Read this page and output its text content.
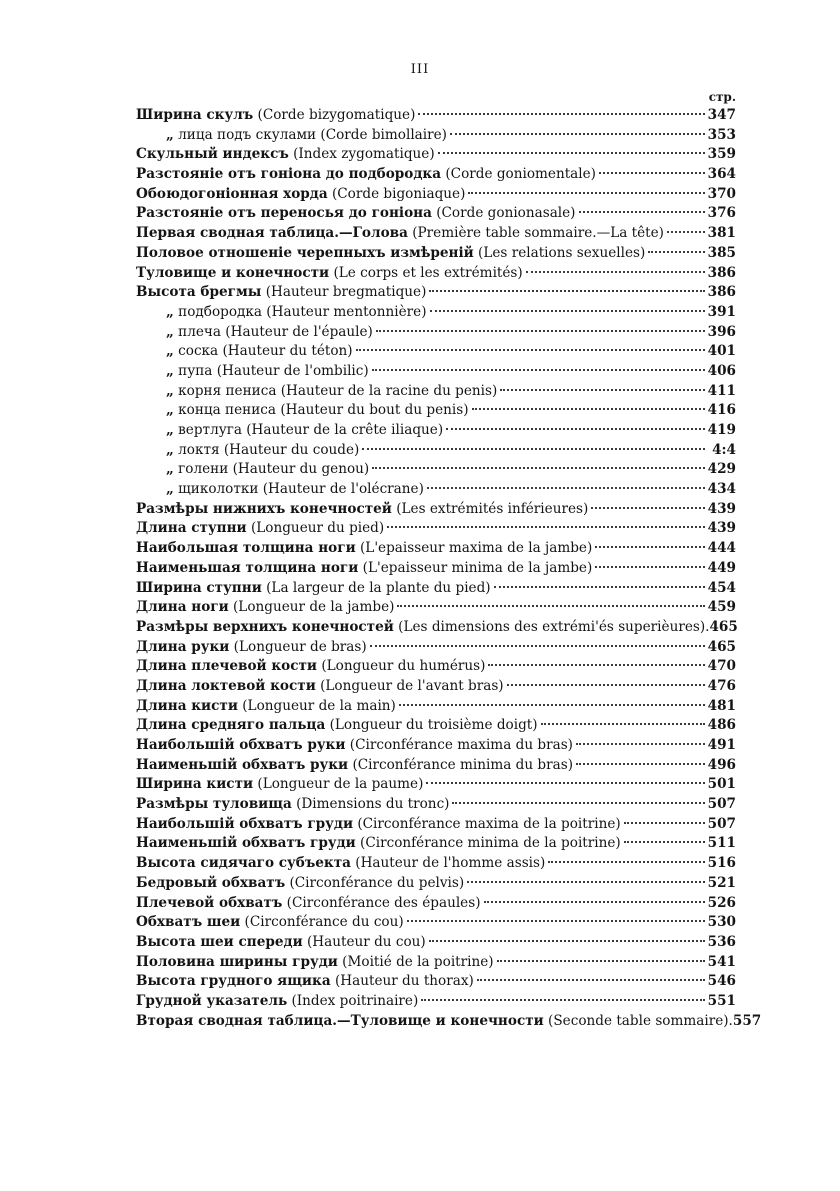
III
стр.
Ширина скулъ (Corde bizygomatique)	347
„ лица подъ скулами (Corde bimollaire)	353
Скульный индексъ (Index zygomatique)	359
Разстояніе отъ гоніона до подбородка (Corde goniomentale)	364
Обоюдогоніонная хорда (Corde bigoniaque)	370
Разстояніе отъ переносья до гоніона (Corde gonionasale)	376
Первая сводная таблица.—Голова (Première table sommaire.—La tête)	381
Половое отношеніе черепныхъ измѣреній (Les relations sexuelles)	385
Туловище и конечности (Le corps et les extrémités)	386
Высота брегмы (Hauteur bregmatique)	386
„ подбородка (Hauteur mentonnière)	391
„ плеча (Hauteur de l'épaule)	396
„ соска (Hauteur du téton)	401
„ пупа (Hauteur de l'ombilic)	406
„ корня пениса (Hauteur de la racine du penis)	411
„ конца пениса (Hauteur du bout du penis)	416
„ вертлуга (Hauteur de la crête iliaque)	419
„ локтя (Hauteur du coude)	4:4
„ голени (Hauteur du genou)	429
„ щиколотки (Hauteur de l'olécrane)	434
Размѣры нижнихъ конечностей (Les extrémités inférieures)	439
Длина ступни (Longueur du pied)	439
Наибольшая толщина ноги (L'epaisseur maxima de la jambe)	444
Наименьшая толщина ноги (L'epaisseur minima de la jambe)	449
Ширина ступни (La largeur de la plante du pied)	454
Длина ноги (Longueur de la jambe)	459
Размѣры верхнихъ конечностей (Les dimensions des extrémi'és superièures). 465
Длина руки (Longueur de bras)	465
Длина плечевой кости (Longueur du humérus)	470
Длина локтевой кости (Longueur de l'avant bras)	476
Длина кисти (Longueur de la main)	481
Длина средняго пальца (Longueur du troisième doigt)	486
Наибольшій обхватъ руки (Circonférance maxima du bras)	491
Наименьшій обхватъ руки (Circonférance minima du bras)	496
Ширина кисти (Longueur de la paume)	501
Размѣры туловища (Dimensions du tronc)	507
Наибольшій обхватъ груди (Circonférance maxima de la poitrine)	507
Наименьшій обхватъ груди (Circonférance minima de la poitrine)	511
Высота сидячаго субъекта (Hauteur de l'homme assis)	516
Бедровый обхватъ (Circonférance du pelvis)	521
Плечевой обхватъ (Circonférance des épaules)	526
Обхватъ шеи (Circonférance du cou)	530
Высота шеи спереди (Hauteur du cou)	536
Половина ширины груди (Moitié de la poitrine)	541
Высота грудного ящика (Hauteur du thorax)	546
Грудной указатель (Index poitrinaire)	551
Вторая сводная таблица.—Туловище и конечности (Seconde table sommaire). 557
